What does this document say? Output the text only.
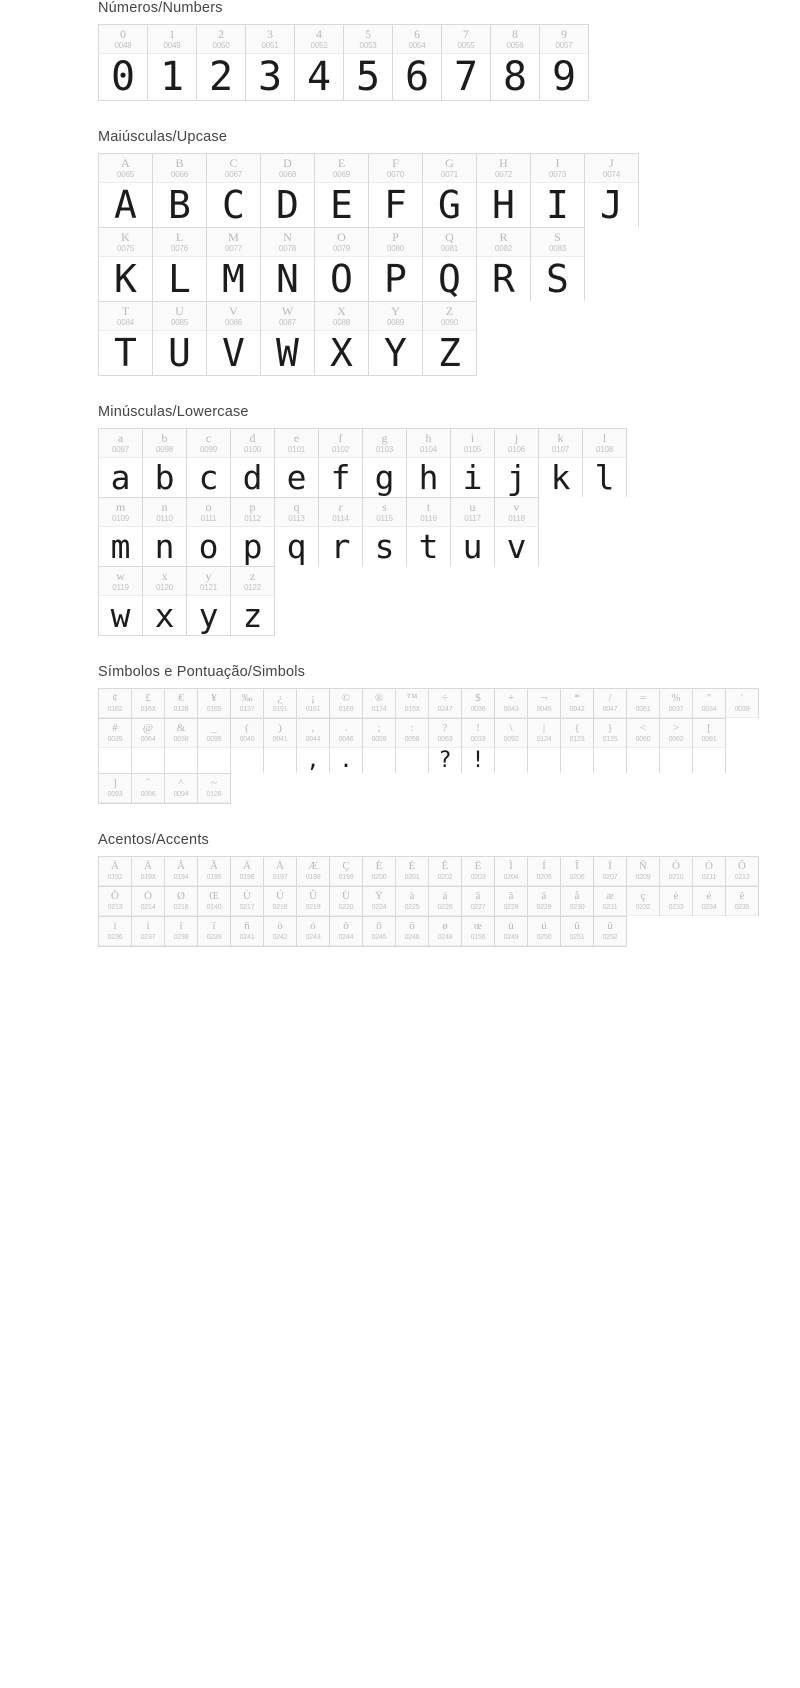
Números/Numbers
0
0048
0
1
0049
1
2
0050
2
3
0051
3
4
0052
4
5
0053
5
6
0054
6
7
0055
7
8
0056
8
9
0057
9
Maiúsculas/Upcase
A
0065
A
B
0066
B
C
0067
C
D
0068
D
E
0069
E
F
0070
F
G
0071
G
H
0072
H
I
0073
I
J
0074
J
K
0075
K
L
0076
L
M
0077
M
N
0078
N
O
0079
O
P
0080
P
Q
0081
Q
R
0082
R
S
0083
S
T
0084
T
U
0085
U
V
0086
V
W
0087
W
X
0088
X
Y
0089
Y
Z
0090
Z
Minúsculas/Lowercase
a
0097
a
b
0098
b
c
0099
c
d
0100
d
e
0101
e
f
0102
f
g
0103
g
h
0104
h
i
0105
i
j
0106
j
k
0107
k
l
0108
l
m
0109
m
n
0110
n
o
0111
o
p
0112
p
q
0113
q
r
0114
r
s
0115
s
t
0116
t
u
0117
u
v
0118
v
w
0119
w
x
0120
x
y
0121
y
z
0122
z
Símbolos e Pontuação/Simbols
¢
0162
£
0163
€
0128
¥
0165
‰
0137
¿
0191
¡
0161
©
0169
®
0174
™
0153
÷
0247
$
0036
+
0043
¬
0045
*
0042
/
0047
=
0061
%
0037
"
0034
'
0039
#
0035
@
0064
&
0038
_
0095
(
0040
)
0041
,
0044
,
.
0046
.
;
0059
:
0058
?
0063
?
!
0033
!
\
0092
|
0124
{
0123
}
0125
<
0060
>
0062
[
0091
]
0093
˘
0096
^
0094
~
0126
Acentos/Accents
À
0192
Á
0193
Â
0194
Ã
0195
Ä
0196
Å
0197
Æ
0198
Ç
0199
È
0200
É
0201
Ê
0202
Ë
0203
Ì
0204
Í
0205
Î
0206
Ï
0207
Ñ
0209
Ò
0210
Ó
0211
Ô
0212
Õ
0213
Ö
0214
Ø
0216
Œ
0140
Ù
0217
Ú
0218
Û
0219
Ü
0220
Ÿ
0224
à
0225
á
0226
â
0227
ã
0228
ä
0229
å
0230
æ
0231
ç
0232
è
0233
é
0234
ê
0235
ì
0236
í
0237
î
0238
ï
0239
ñ
0241
ò
0242
ó
0243
ô
0244
õ
0245
ö
0246
ø
0248
œ
0156
ù
0249
ú
0250
û
0251
ü
0252
